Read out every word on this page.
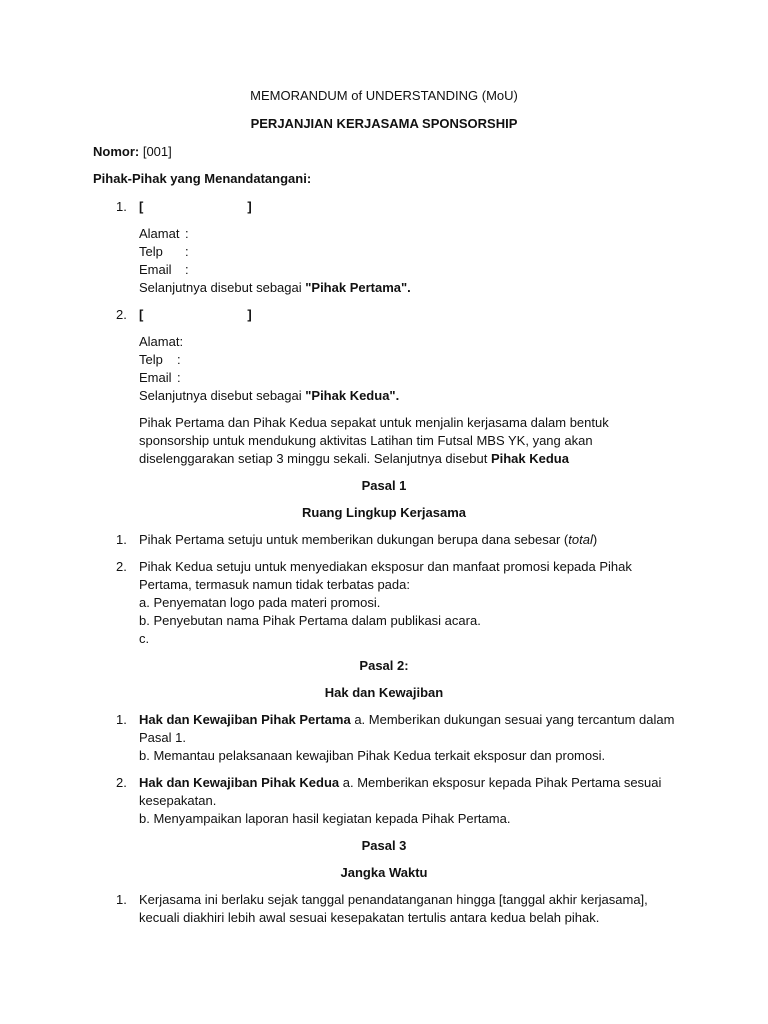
MEMORANDUM of UNDERSTANDING (MoU)
PERJANJIAN KERJASAMA SPONSORSHIP
Nomor: [001]
Pihak-Pihak yang Menandatangani:
1. [	]
Alamat :
Telp :
Email :
Selanjutnya disebut sebagai "Pihak Pertama".
2. [	]
Alamat:
Telp :
Email :
Selanjutnya disebut sebagai "Pihak Kedua".
Pihak Pertama dan Pihak Kedua sepakat untuk menjalin kerjasama dalam bentuk
sponsorship untuk mendukung aktivitas Latihan tim Futsal MBS YK, yang akan
diselenggarakan setiap 3 minggu sekali. Selanjutnya disebut Pihak Kedua
Pasal 1
Ruang Lingkup Kerjasama
1. Pihak Pertama setuju untuk memberikan dukungan berupa dana sebesar (total)
2. Pihak Kedua setuju untuk menyediakan eksposur dan manfaat promosi kepada Pihak
Pertama, termasuk namun tidak terbatas pada:
a. Penyematan logo pada materi promosi.
b. Penyebutan nama Pihak Pertama dalam publikasi acara.
c.
Pasal 2:
Hak dan Kewajiban
1. Hak dan Kewajiban Pihak Pertama a. Memberikan dukungan sesuai yang tercantum dalam
Pasal 1.
b. Memantau pelaksanaan kewajiban Pihak Kedua terkait eksposur dan promosi.
2. Hak dan Kewajiban Pihak Kedua a. Memberikan eksposur kepada Pihak Pertama sesuai
kesepakatan.
b. Menyampaikan laporan hasil kegiatan kepada Pihak Pertama.
Pasal 3
Jangka Waktu
1. Kerjasama ini berlaku sejak tanggal penandatanganan hingga [tanggal akhir kerjasama],
kecuali diakhiri lebih awal sesuai kesepakatan tertulis antara kedua belah pihak.
